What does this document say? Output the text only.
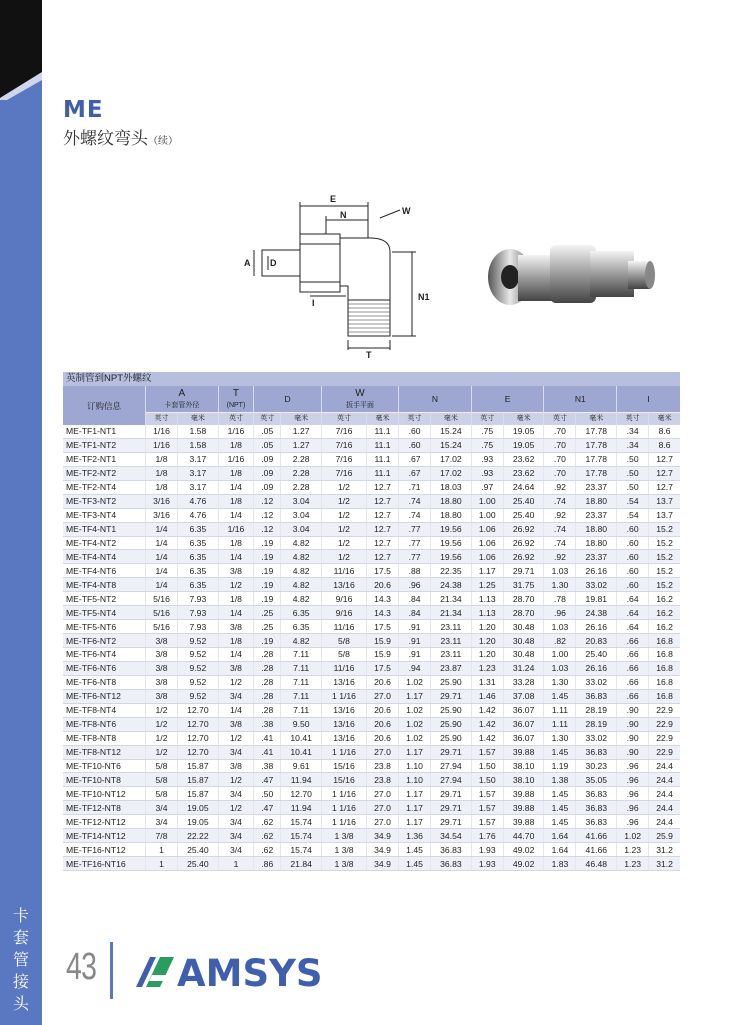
卡
套
管
接
头
ME
外螺纹弯头（续）
E
N	W
A D
I
N1
T
英制管到NPT外螺纹															
订购信息	A
卡套管外径		T
(NPT)	D		W
扳手平面		N		E		N1		I	
	英寸	毫米	英寸	英寸	毫米	英寸	毫米	英寸	毫米	英寸	毫米	英寸	毫米	英寸	毫米
ME-TF1-NT1	1/16	1.58	1/16	.05	1.27	7/16	11.1	.60	15.24	.75	19.05	.70	17.78	.34	8.6
ME-TF1-NT2	1/16	1.58	1/8	.05	1.27	7/16	11.1	.60	15.24	.75	19.05	.70	17.78	.34	8.6
ME-TF2-NT1	1/8	3.17	1/16	.09	2.28	7/16	11.1	.67	17.02	.93	23.62	.70	17.78	.50	12.7
ME-TF2-NT2	1/8	3.17	1/8	.09	2.28	7/16	11.1	.67	17.02	.93	23.62	.70	17.78	.50	12.7
ME-TF2-NT4	1/8	3.17	1/4	.09	2.28	1/2	12.7	.71	18.03	.97	24.64	.92	23.37	.50	12.7
ME-TF3-NT2	3/16	4.76	1/8	.12	3.04	1/2	12.7	.74	18.80	1.00	25.40	.74	18.80	.54	13.7
ME-TF3-NT4	3/16	4.76	1/4	.12	3.04	1/2	12.7	.74	18.80	1.00	25.40	.92	23.37	.54	13.7
ME-TF4-NT1	1/4	6.35	1/16	.12	3.04	1/2	12.7	.77	19.56	1.06	26.92	.74	18.80	.60	15.2
ME-TF4-NT2	1/4	6.35	1/8	.19	4.82	1/2	12.7	.77	19.56	1.06	26.92	.74	18.80	.60	15.2
ME-TF4-NT4	1/4	6.35	1/4	.19	4.82	1/2	12.7	.77	19.56	1.06	26.92	.92	23.37	.60	15.2
ME-TF4-NT6	1/4	6.35	3/8	.19	4.82	11/16	17.5	.88	22.35	1.17	29.71	1.03	26.16	.60	15.2
ME-TF4-NT8	1/4	6.35	1/2	.19	4.82	13/16	20.6	.96	24.38	1.25	31.75	1.30	33.02	.60	15.2
ME-TF5-NT2	5/16	7.93	1/8	.19	4.82	9/16	14.3	.84	21.34	1.13	28.70	.78	19.81	.64	16.2
ME-TF5-NT4	5/16	7.93	1/4	.25	6.35	9/16	14.3	.84	21.34	1.13	28.70	.96	24.38	.64	16.2
ME-TF5-NT6	5/16	7.93	3/8	.25	6.35	11/16	17.5	.91	23.11	1.20	30.48	1.03	26.16	.64	16.2
ME-TF6-NT2	3/8	9.52	1/8	.19	4.82	5/8	15.9	.91	23.11	1.20	30.48	.82	20.83	.66	16.8
ME-TF6-NT4	3/8	9.52	1/4	.28	7.11	5/8	15.9	.91	23.11	1.20	30.48	1.00	25.40	.66	16.8
ME-TF6-NT6	3/8	9.52	3/8	.28	7.11	11/16	17.5	.94	23.87	1.23	31.24	1.03	26.16	.66	16.8
ME-TF6-NT8	3/8	9.52	1/2	.28	7.11	13/16	20.6	1.02	25.90	1.31	33.28	1.30	33.02	.66	16.8
ME-TF6-NT12	3/8	9.52	3/4	.28	7.11	1 1/16	27.0	1.17	29.71	1.46	37.08	1.45	36.83	.66	16.8
ME-TF8-NT4	1/2	12.70	1/4	.28	7.11	13/16	20.6	1.02	25.90	1.42	36.07	1.11	28.19	.90	22.9
ME-TF8-NT6	1/2	12.70	3/8	.38	9.50	13/16	20.6	1.02	25.90	1.42	36.07	1.11	28.19	.90	22.9
ME-TF8-NT8	1/2	12.70	1/2	.41	10.41	13/16	20.6	1.02	25.90	1.42	36.07	1.30	33.02	.90	22.9
ME-TF8-NT12	1/2	12.70	3/4	.41	10.41	1 1/16	27.0	1.17	29.71	1.57	39.88	1.45	36.83	.90	22.9
ME-TF10-NT6	5/8	15.87	3/8	.38	9.61	15/16	23.8	1.10	27.94	1.50	38.10	1.19	30.23	.96	24.4
ME-TF10-NT8	5/8	15.87	1/2	.47	11.94	15/16	23.8	1.10	27.94	1.50	38.10	1.38	35.05	.96	24.4
ME-TF10-NT12	5/8	15.87	3/4	.50	12.70	1 1/16	27.0	1.17	29.71	1.57	39.88	1.45	36.83	.96	24.4
ME-TF12-NT8	3/4	19.05	1/2	.47	11.94	1 1/16	27.0	1.17	29.71	1.57	39.88	1.45	36.83	.96	24.4
ME-TF12-NT12	3/4	19.05	3/4	.62	15.74	1 1/16	27.0	1.17	29.71	1.57	39.88	1.45	36.83	.96	24.4
ME-TF14-NT12	7/8	22.22	3/4	.62	15.74	1 3/8	34.9	1.36	34.54	1.76	44.70	1.64	41.66	1.02	25.9
ME-TF16-NT12	1	25.40	3/4	.62	15.74	1 3/8	34.9	1.45	36.83	1.93	49.02	1.64	41.66	1.23	31.2
ME-TF16-NT16	1	25.40	1	.86	21.84	1 3/8	34.9	1.45	36.83	1.93	49.02	1.83	46.48	1.23	31.2
43 AMSYS
